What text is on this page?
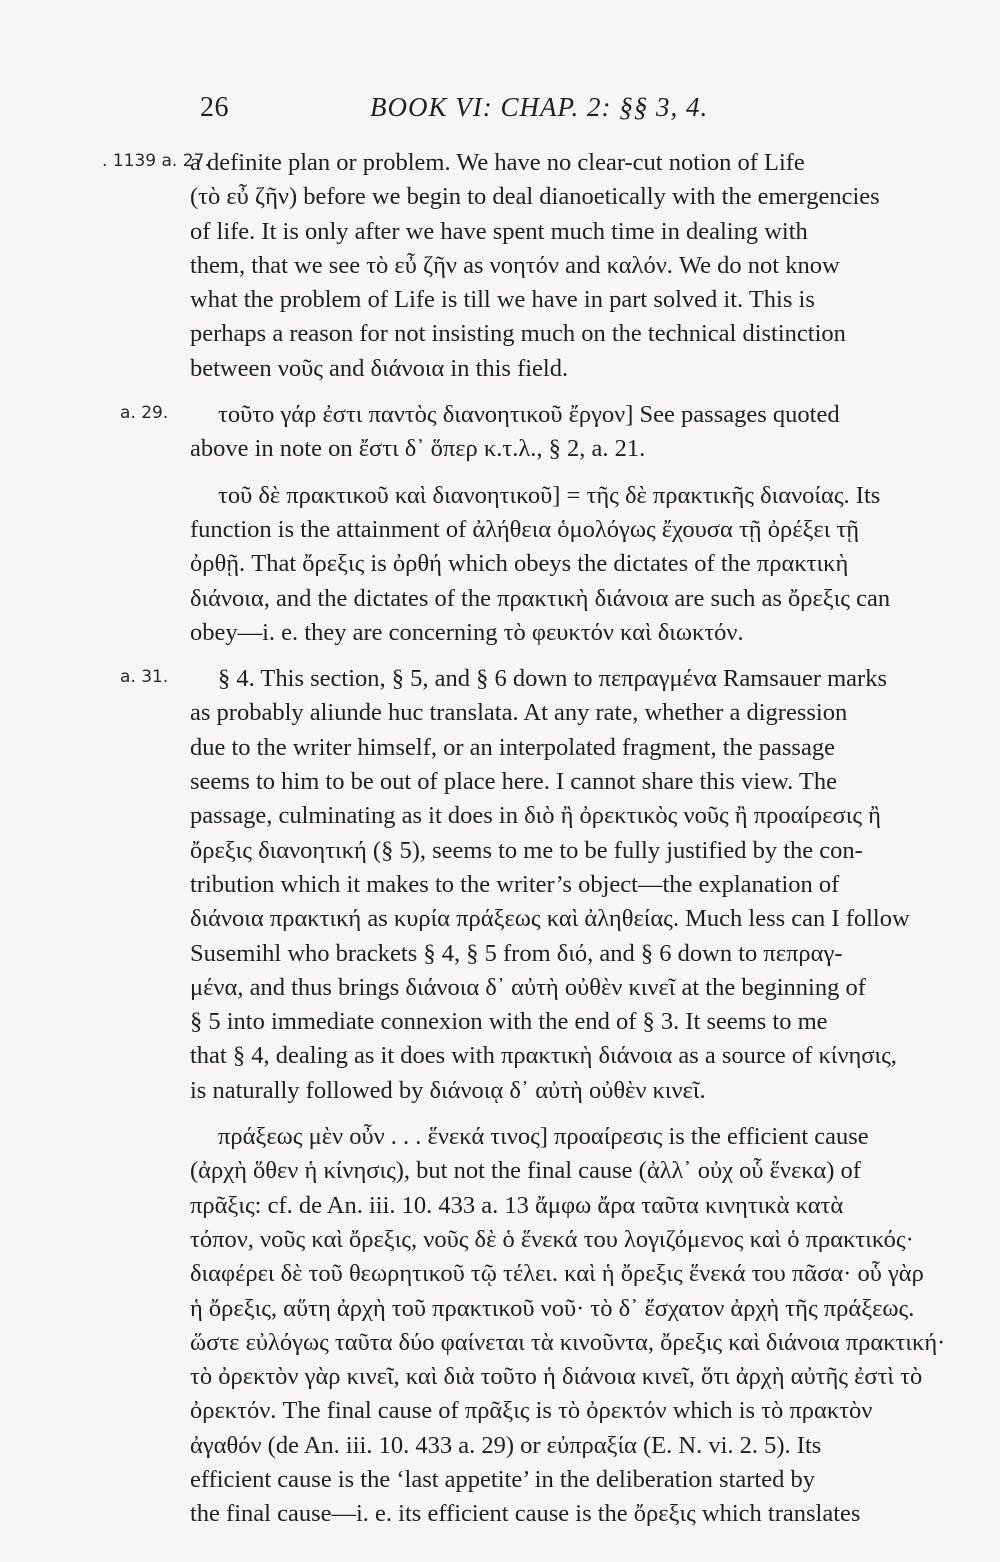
26	BOOK VI: CHAP. 2: §§ 3, 4.
. 1139 a. 27.
a definite plan or problem. We have no clear-cut notion of Life
(τὸ εὖ ζῆν) before we begin to deal dianoetically with the emergencies
of life. It is only after we have spent much time in dealing with
them, that we see τὸ εὖ ζῆν as νοητόν and καλόν. We do not know
what the problem of Life is till we have in part solved it. This is
perhaps a reason for not insisting much on the technical distinction
between νοῦς and διάνοια in this field.
a. 29.	τοῦτο γάρ ἐστι παντὸς διανοητικοῦ ἔργον] See passages quoted
above in note on ἔστι δ᾽ ὅπερ κ.τ.λ., § 2, a. 21.
τοῦ δὲ πρακτικοῦ καὶ διανοητικοῦ] = τῆς δὲ πρακτικῆς διανοίας. Its
function is the attainment of ἀλήθεια ὁμολόγως ἔχουσα τῇ ὀρέξει τῇ
ὀρθῇ. That ὄρεξις is ὀρθή which obeys the dictates of the πρακτικὴ
διάνοια, and the dictates of the πρακτικὴ διάνοια are such as ὄρεξις can
obey—i. e. they are concerning τὸ φευκτόν καὶ διωκτόν.
a. 31.	§ 4. This section, § 5, and § 6 down to πεπραγμένα Ramsauer marks
as probably aliunde huc translata. At any rate, whether a digression
due to the writer himself, or an interpolated fragment, the passage
seems to him to be out of place here. I cannot share this view. The
passage, culminating as it does in διὸ ἢ ὀρεκτικὸς νοῦς ἢ προαίρεσις ἢ
ὄρεξις διανοητική (§ 5), seems to me to be fully justified by the con-
tribution which it makes to the writer’s object—the explanation of
διάνοια πρακτική as κυρία πράξεως καὶ ἀληθείας. Much less can I follow
Susemihl who brackets § 4, § 5 from διό, and § 6 down to πεπραγ-
μένα, and thus brings διάνοια δ᾽ αὐτὴ οὐθὲν κινεῖ at the beginning of
§ 5 into immediate connexion with the end of § 3. It seems to me
that § 4, dealing as it does with πρακτικὴ διάνοια as a source of κίνησις,
is naturally followed by διάνοιᾳ δ᾽ αὐτὴ οὐθὲν κινεῖ.
πράξεως μὲν οὖν . . . ἕνεκά τινος] προαίρεσις is the efficient cause
(ἀρχὴ ὅθεν ἡ κίνησις), but not the final cause (ἀλλ᾽ οὐχ οὗ ἕνεκα) of
πρᾶξις: cf. de An. iii. 10. 433 a. 13 ἄμφω ἄρα ταῦτα κινητικὰ κατὰ
τόπον, νοῦς καὶ ὄρεξις, νοῦς δὲ ὁ ἕνεκά του λογιζόμενος καὶ ὁ πρακτικός·
διαφέρει δὲ τοῦ θεωρητικοῦ τῷ τέλει. καὶ ἡ ὄρεξις ἕνεκά του πᾶσα· οὗ γὰρ
ἡ ὄρεξις, αὕτη ἀρχὴ τοῦ πρακτικοῦ νοῦ· τὸ δ᾽ ἔσχατον ἀρχὴ τῆς πράξεως.
ὥστε εὐλόγως ταῦτα δύο φαίνεται τὰ κινοῦντα, ὄρεξις καὶ διάνοια πρακτική·
τὸ ὀρεκτὸν γὰρ κινεῖ, καὶ διὰ τοῦτο ἡ διάνοια κινεῖ, ὅτι ἀρχὴ αὐτῆς ἐστὶ τὸ
ὀρεκτόν. The final cause of πρᾶξις is τὸ ὀρεκτόν which is τὸ πρακτὸν
ἀγαθόν (de An. iii. 10. 433 a. 29) or εὐπραξία (E. N. vi. 2. 5). Its
efficient cause is the ‘last appetite’ in the deliberation started by
the final cause—i. e. its efficient cause is the ὄρεξις which translates
